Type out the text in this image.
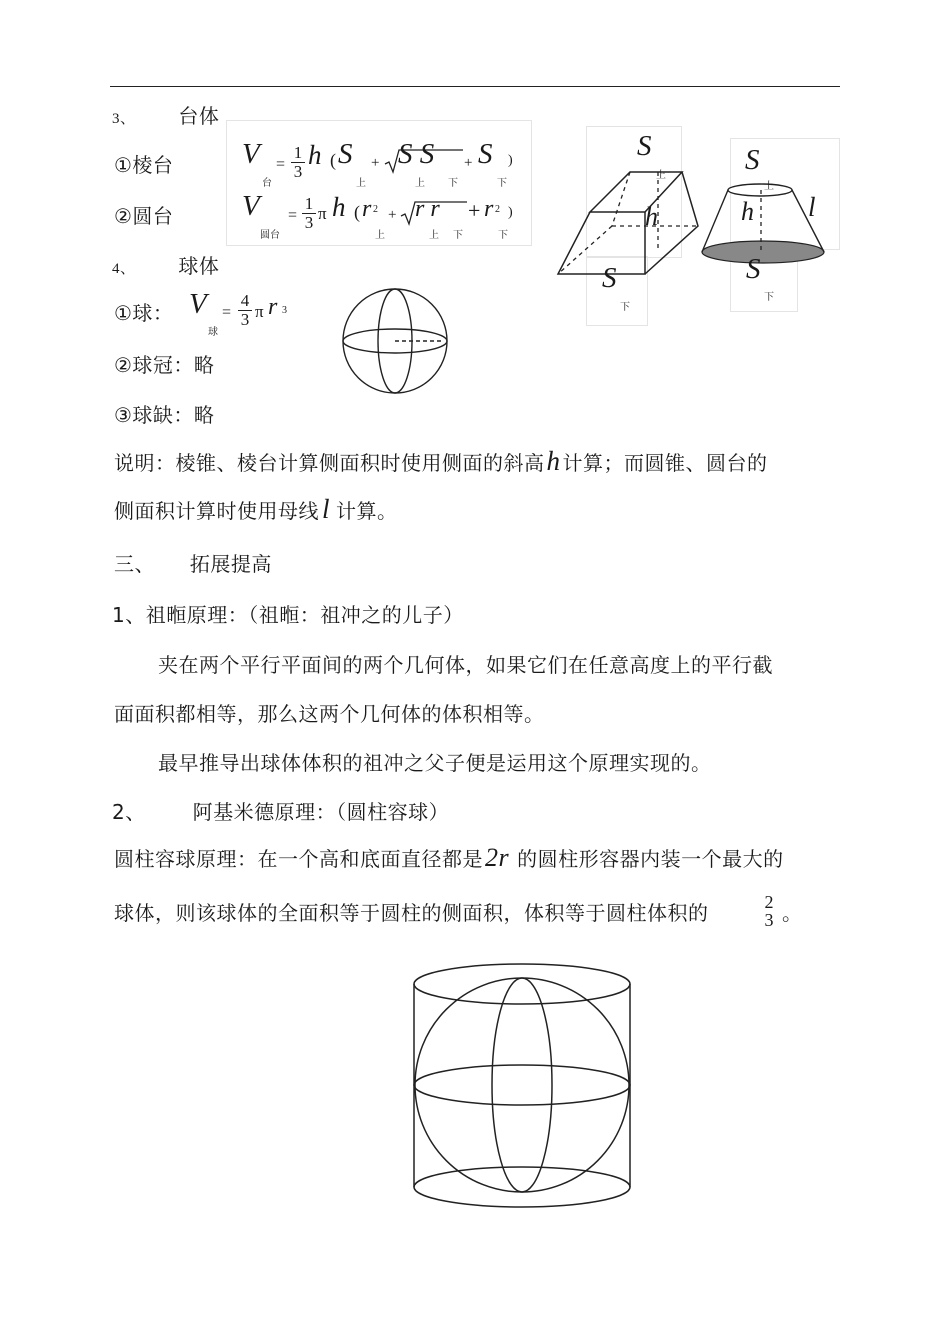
3、 台体
①棱台 V
台
= $\frac{1}{3}$ h ( S
上
+ S S
上 下
+ S
下
)
②圆台 V
圆台
= $\frac{1}{3}$ π h ( r 2
上
+ r r
上 下
+ r 2
下
)
S
上
h
S
下
S
上
h l
S
下
4、 球体
①球： V
球
= $\frac{4}{3}$ π r 3
②球冠：略
③球缺：略
说明：棱锥、棱台计算侧面积时使用侧面的斜高h 计算；而圆锥、圆台的
侧面积计算时使用母线 l 计算。
三、 拓展提高
1、祖暅原理：（祖暅：祖冲之的儿子）
夹在两个平行平面间的两个几何体，如果它们在任意高度上的平行截
面面积都相等，那么这两个几何体的体积相等。
最早推导出球体体积的祖冲之父子便是运用这个原理实现的。
2、 阿基米德原理：（圆柱容球）
圆柱容球原理：在一个高和底面直径都是2r 的圆柱形容器内装一个最大的
球体，则该球体的全面积等于圆柱的侧面积，体积等于圆柱体积的	2
3 。
